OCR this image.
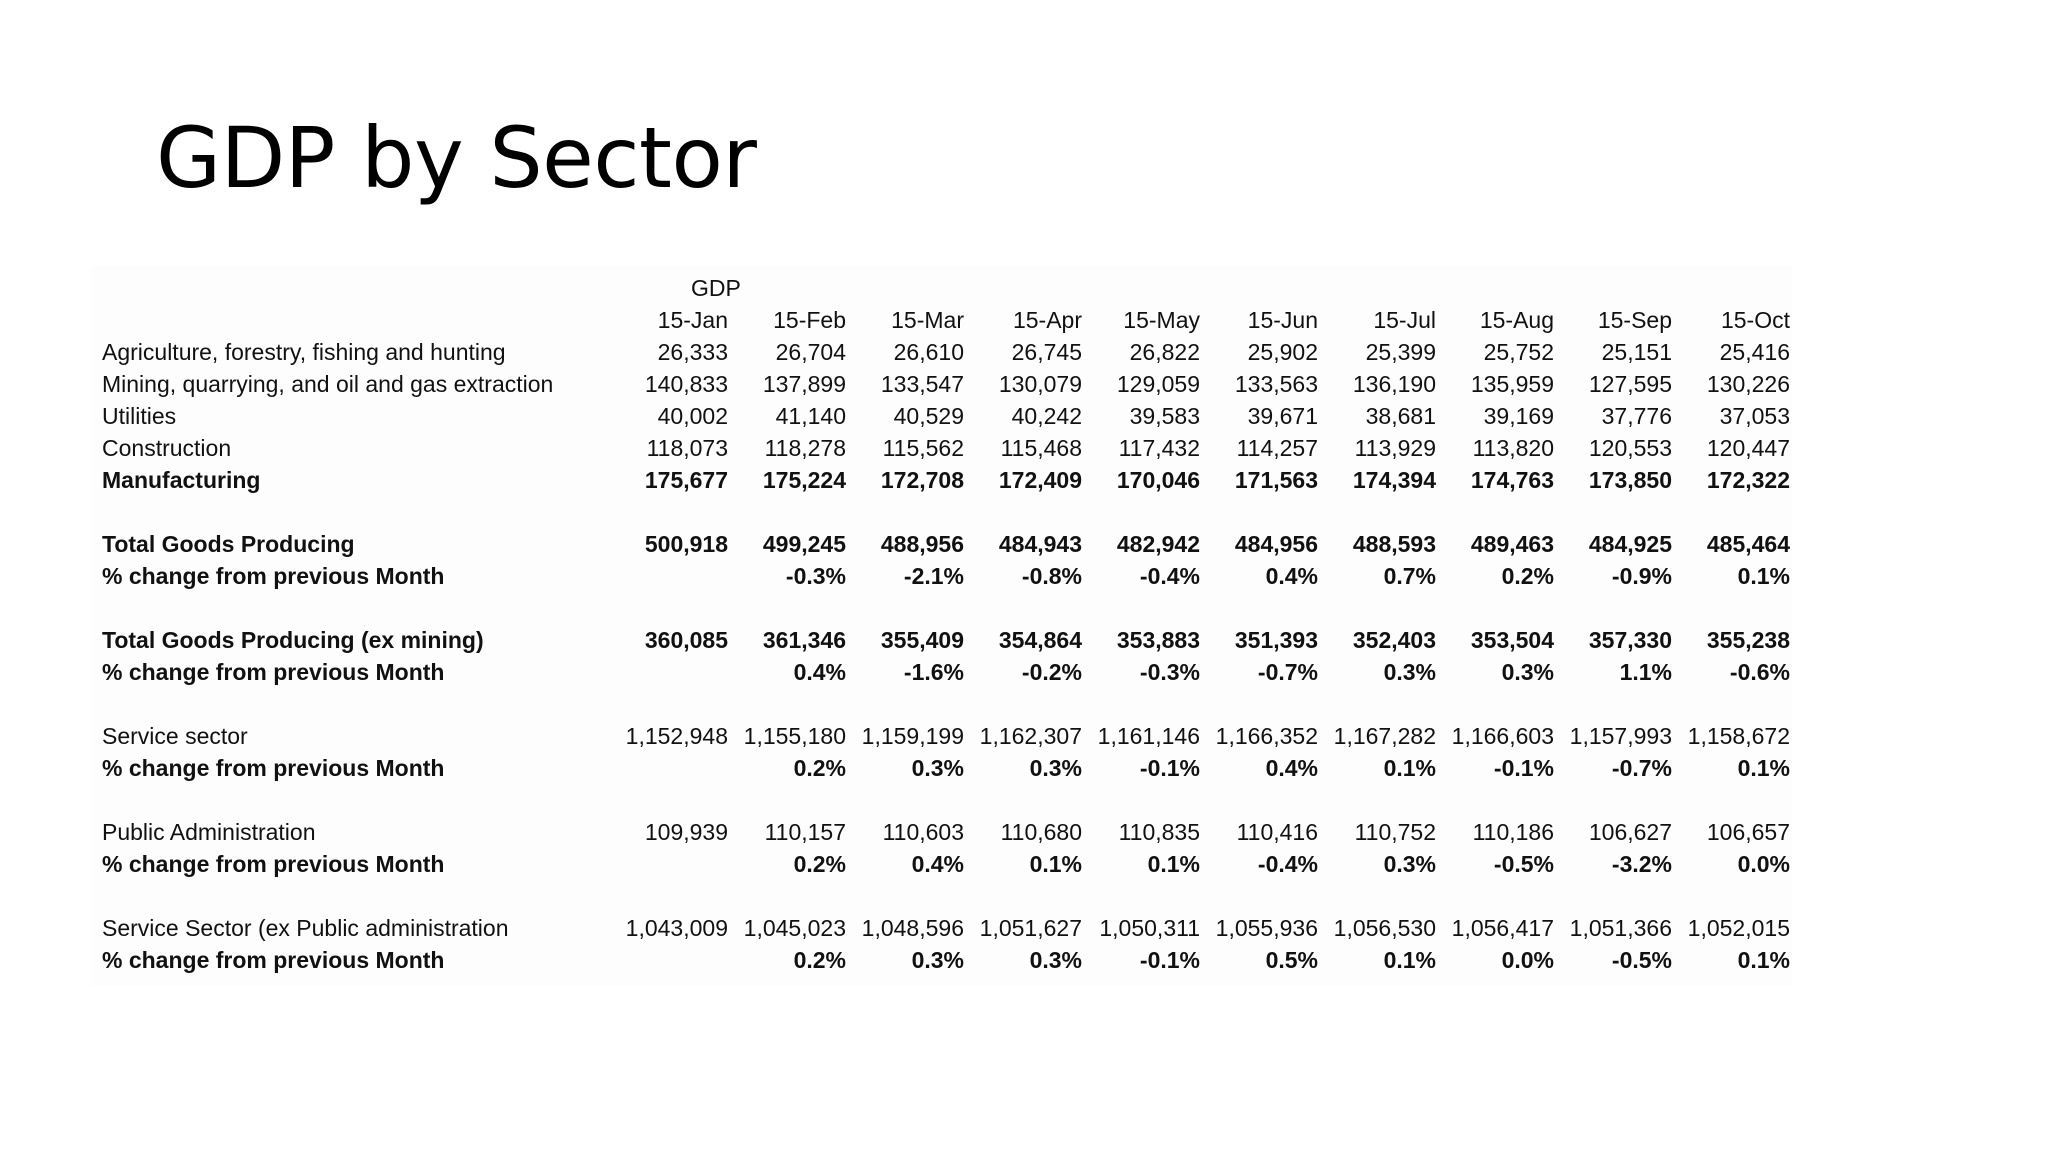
GDP by Sector
GDP
	15-Jan	15-Feb	15-Mar	15-Apr	15-May	15-Jun	15-Jul	15-Aug	15-Sep	15-Oct
Agriculture, forestry, fishing and hunting	26,333	26,704	26,610	26,745	26,822	25,902	25,399	25,752	25,151	25,416
Mining, quarrying, and oil and gas extraction	140,833	137,899	133,547	130,079	129,059	133,563	136,190	135,959	127,595	130,226
Utilities	40,002	41,140	40,529	40,242	39,583	39,671	38,681	39,169	37,776	37,053
Construction	118,073	118,278	115,562	115,468	117,432	114,257	113,929	113,820	120,553	120,447
Manufacturing	175,677	175,224	172,708	172,409	170,046	171,563	174,394	174,763	173,850	172,322

Total Goods Producing	500,918	499,245	488,956	484,943	482,942	484,956	488,593	489,463	484,925	485,464
% change from previous Month		-0.3%	-2.1%	-0.8%	-0.4%	0.4%	0.7%	0.2%	-0.9%	0.1%

Total Goods Producing (ex mining)	360,085	361,346	355,409	354,864	353,883	351,393	352,403	353,504	357,330	355,238
% change from previous Month		0.4%	-1.6%	-0.2%	-0.3%	-0.7%	0.3%	0.3%	1.1%	-0.6%

Service sector	1,152,948	1,155,180	1,159,199	1,162,307	1,161,146	1,166,352	1,167,282	1,166,603	1,157,993	1,158,672
% change from previous Month		0.2%	0.3%	0.3%	-0.1%	0.4%	0.1%	-0.1%	-0.7%	0.1%

Public Administration	109,939	110,157	110,603	110,680	110,835	110,416	110,752	110,186	106,627	106,657
% change from previous Month		0.2%	0.4%	0.1%	0.1%	-0.4%	0.3%	-0.5%	-3.2%	0.0%

Service Sector (ex Public administration	1,043,009	1,045,023	1,048,596	1,051,627	1,050,311	1,055,936	1,056,530	1,056,417	1,051,366	1,052,015
% change from previous Month		0.2%	0.3%	0.3%	-0.1%	0.5%	0.1%	0.0%	-0.5%	0.1%
